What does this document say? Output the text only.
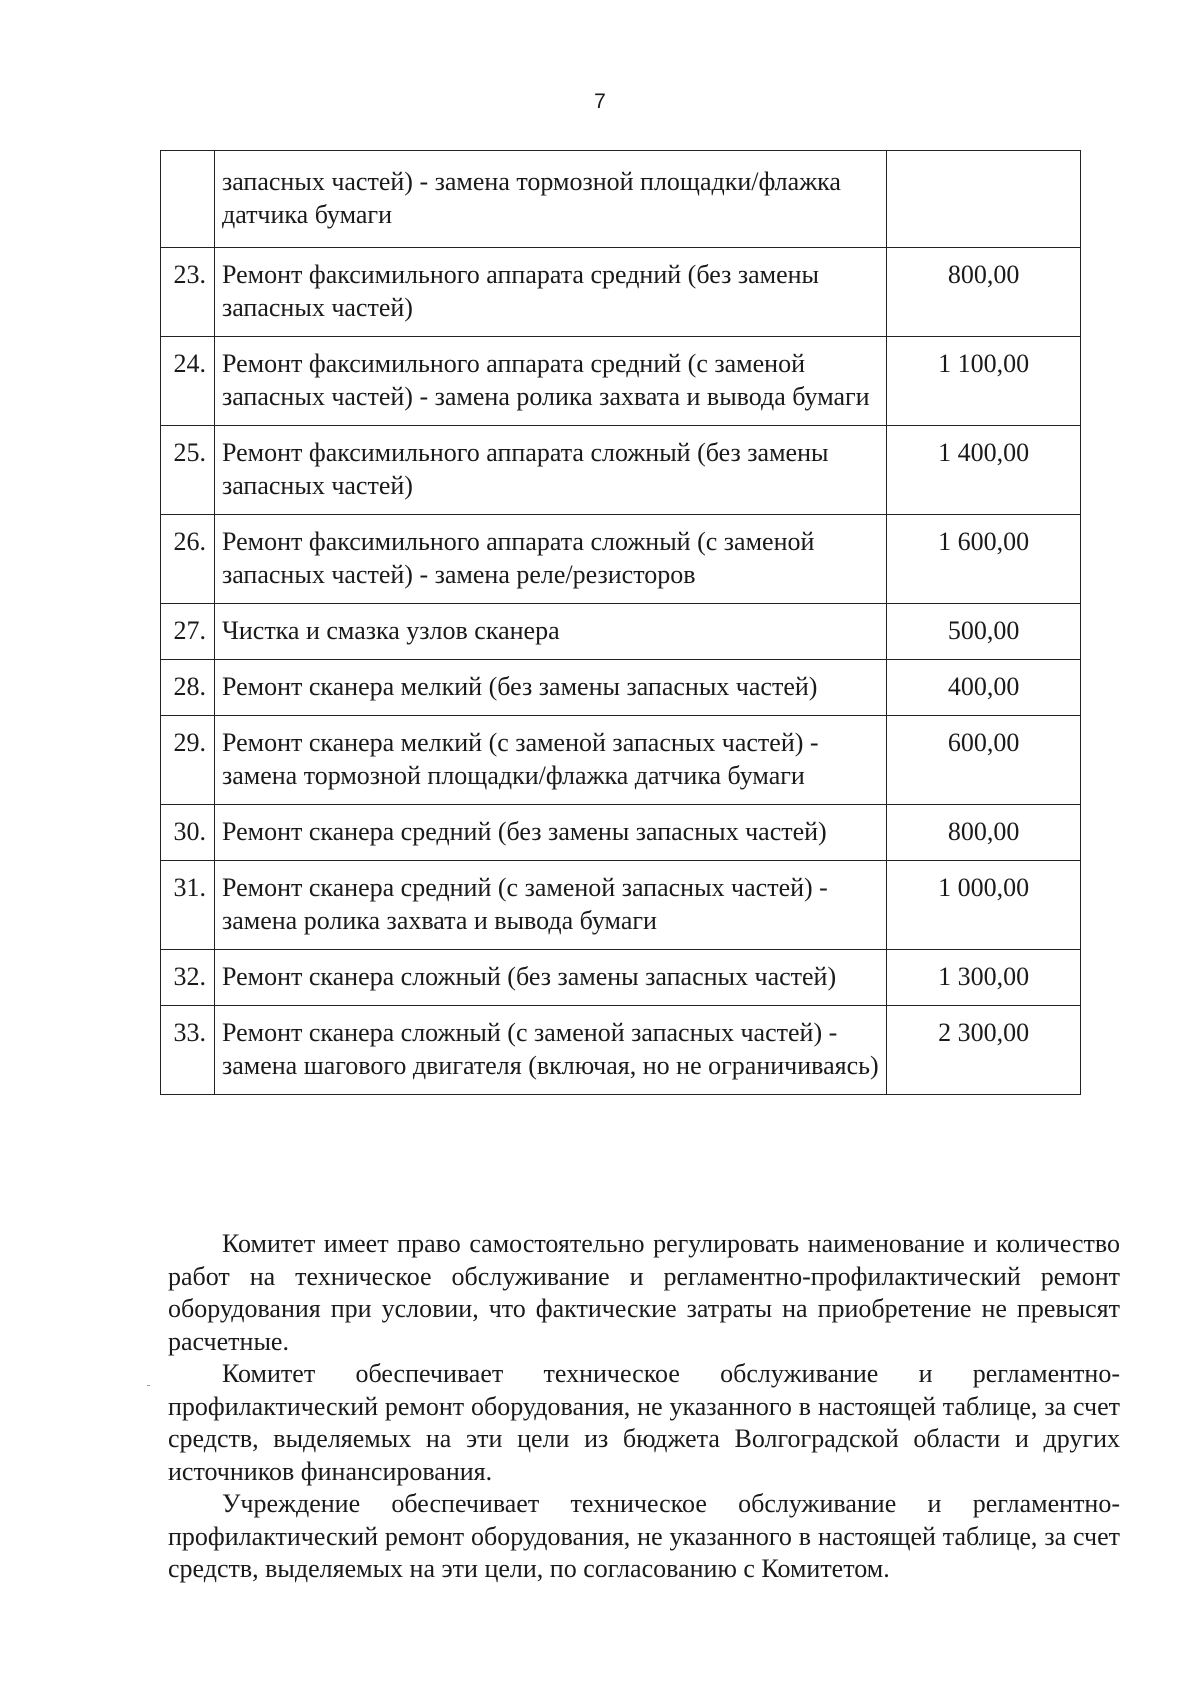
7
	запасных частей) - замена тормозной площадки/флажка датчика бумаги	
23.	Ремонт факсимильного аппарата средний (без замены запасных частей)	800,00
24.	Ремонт факсимильного аппарата средний (с заменой запасных частей) - замена ролика захвата и вывода бумаги	1 100,00
25.	Ремонт факсимильного аппарата сложный (без замены запасных частей)	1 400,00
26.	Ремонт факсимильного аппарата сложный (с заменой запасных частей) - замена реле/резисторов	1 600,00
27.	Чистка и смазка узлов сканера	500,00
28.	Ремонт сканера мелкий (без замены запасных частей)	400,00
29.	Ремонт сканера мелкий (с заменой запасных частей) - замена тормозной площадки/флажка датчика бумаги	600,00
30.	Ремонт сканера средний (без замены запасных частей)	800,00
31.	Ремонт сканера средний (с заменой запасных частей) - замена ролика захвата и вывода бумаги	1 000,00
32.	Ремонт сканера сложный (без замены запасных частей)	1 300,00
33.	Ремонт сканера сложный (с заменой запасных частей) - замена шагового двигателя (включая, но не ограничиваясь)	2 300,00

Комитет имеет право самостоятельно регулировать наименование и количество работ на техническое обслуживание и регламентно-профилактический ремонт оборудования при условии, что фактические затраты на приобретение не превысят расчетные.

Комитет обеспечивает техническое обслуживание и регламентно-профилактический ремонт оборудования, не указанного в настоящей таблице, за счет средств, выделяемых на эти цели из бюджета Волгоградской области и других источников финансирования.

Учреждение обеспечивает техническое обслуживание и регламентно-профилактический ремонт оборудования, не указанного в настоящей таблице, за счет средств, выделяемых на эти цели, по согласованию с Комитетом.
